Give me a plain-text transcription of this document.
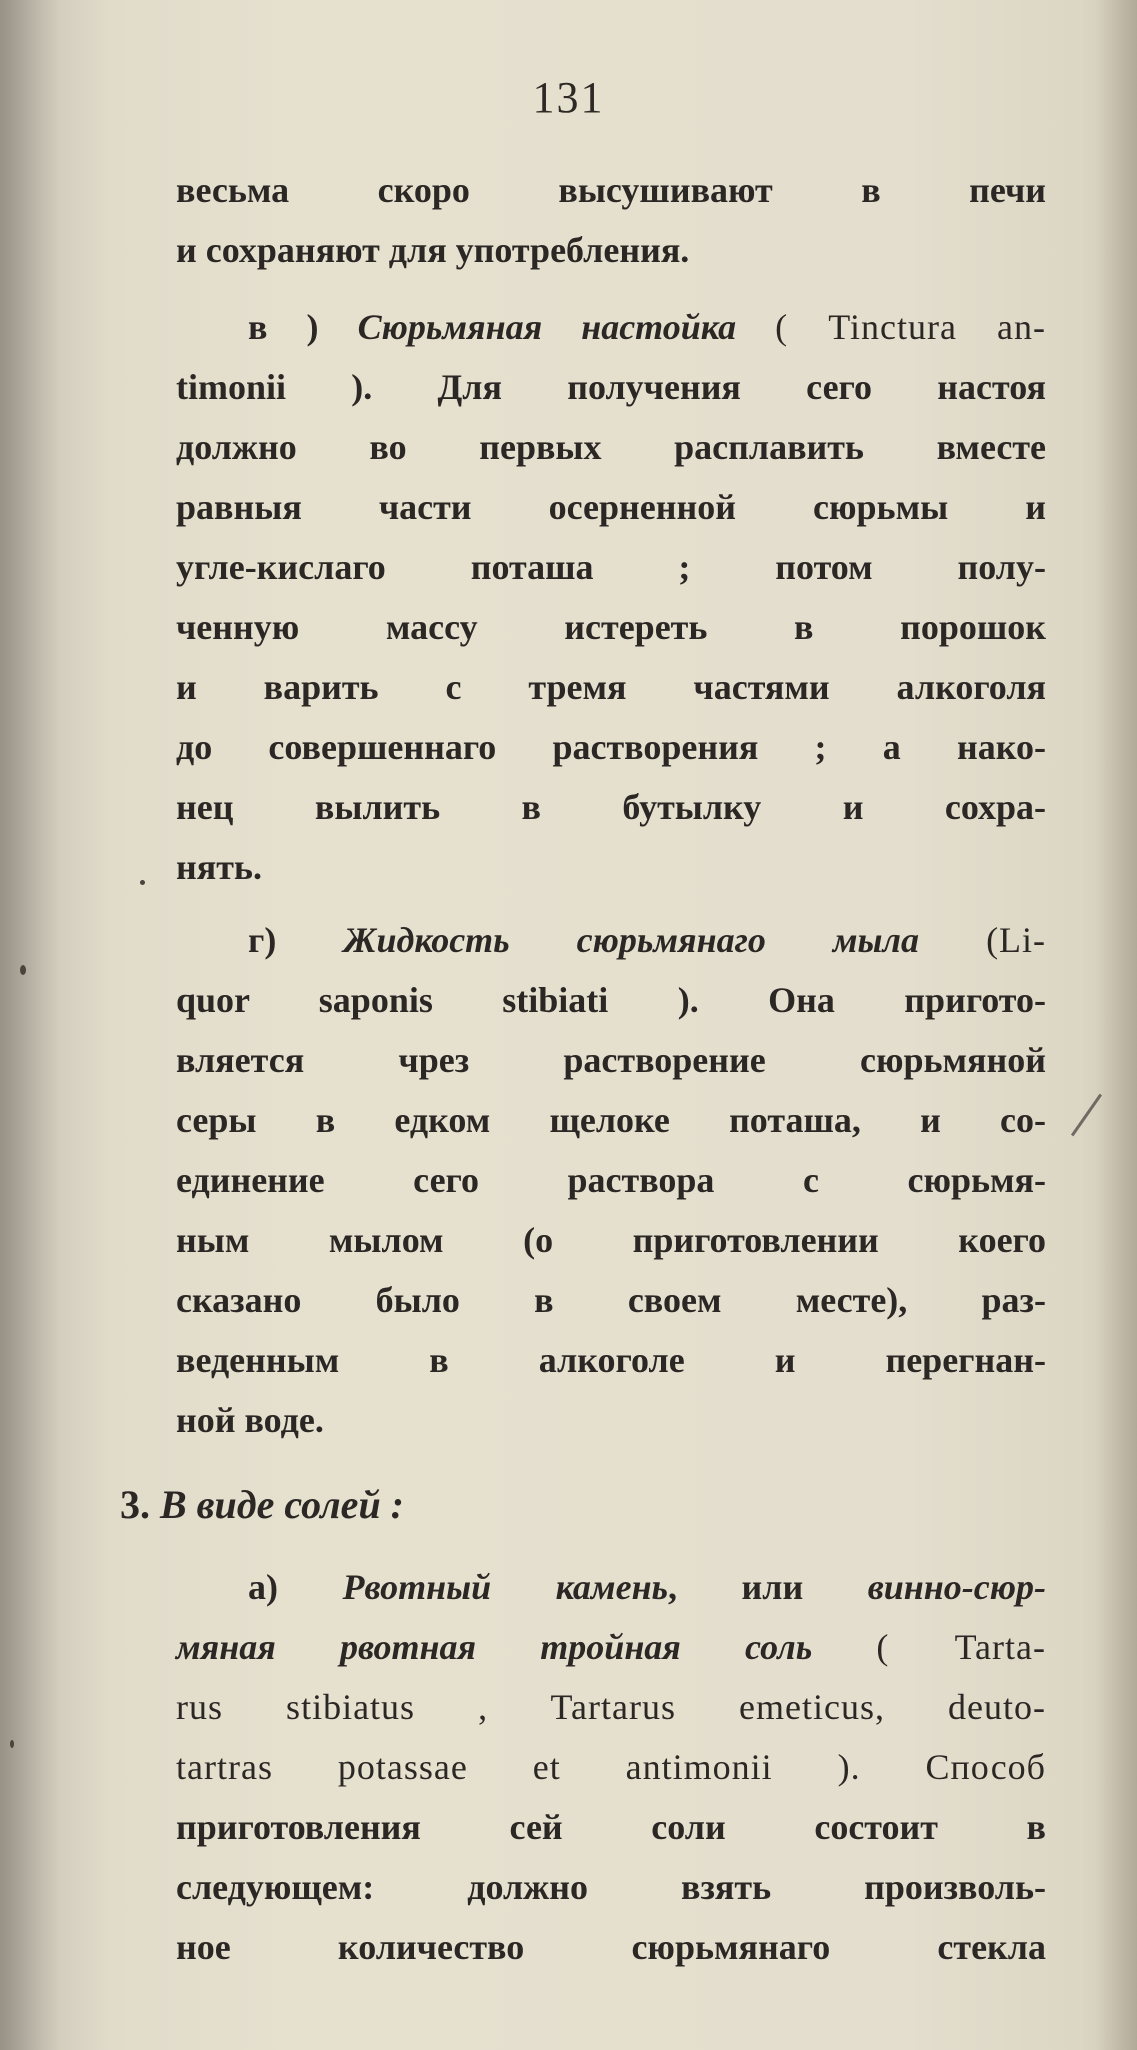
131
весьма скоро высушивают в печи
и сохраняют для употребления.
в ) Сюрьмяная настойка ( Tinctura an-
timonii ). Для получения сего настоя
должно во первых расплавить вместе
равныя части осерненной сюрьмы и
угле-кислаго поташа ; потом полу-
ченную массу истереть в порошок
и варить с тремя частями алкоголя
до совершеннаго растворения ; а нако-
нец вылить в бутылку и сохра-
нять.
г) Жидкость сюрьмянаго мыла (Li-
quor saponis stibiati ). Она пригото-
вляется чрез растворение сюрьмяной
серы в едком щелоке поташа, и со-
единение сего раствора с сюрьмя-
ным мылом (о приготовлении коего
сказано было в своем месте), раз-
веденным в алкоголе и перегнан-
ной воде.
3. В виде солей :
а) Рвотный камень, или винно-сюр-
мяная рвотная тройная соль ( Tarta-
rus stibiatus , Tartarus emeticus, deuto-
tartras potassae et antimonii ). Способ
приготовления сей соли состоит в
следующем: должно взять произволь-
ное количество сюрьмянаго стекла
